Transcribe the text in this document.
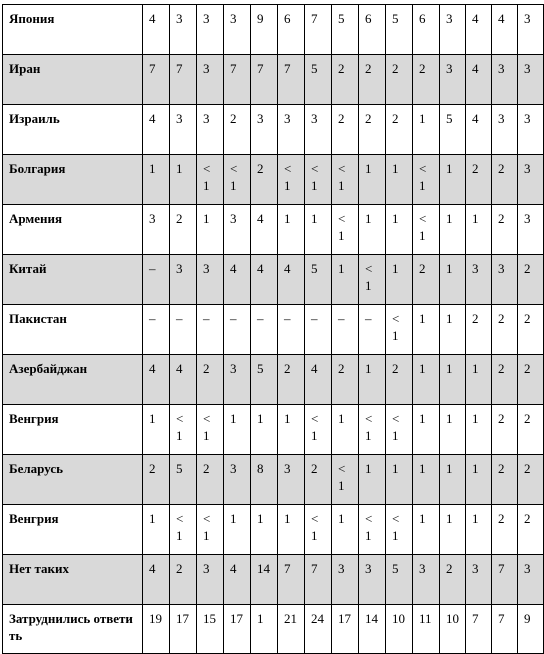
Япония	4	3	3	3	9	6	7	5	6	5	6	3	4	4	3
Иран	7	7	3	7	7	7	5	2	2	2	2	3	4	3	3
Израиль	4	3	3	2	3	3	3	2	2	2	1	5	4	3	3
Болгария	1	1	< 1	< 1	2	< 1	< 1	< 1	1	1	< 1	1	2	2	3
Армения	3	2	1	3	4	1	1	< 1	1	1	< 1	1	1	2	3
Китай	–	3	3	4	4	4	5	1	< 1	1	2	1	3	3	2
Пакистан	–	–	–	–	–	–	–	–	–	< 1	1	1	2	2	2
Азербайджан	4	4	2	3	5	2	4	2	1	2	1	1	1	2	2
Венгрия	1	< 1	< 1	1	1	1	< 1	1	< 1	< 1	1	1	1	2	2
Беларусь	2	5	2	3	8	3	2	< 1	1	1	1	1	1	2	2
Венгрия	1	< 1	< 1	1	1	1	< 1	1	< 1	< 1	1	1	1	2	2
Нет таких	4	2	3	4	14	7	7	3	3	5	3	2	3	7	3
Затруднились ответить	19	17	15	17	1	21	24	17	14	10	11	10	7	7	9
